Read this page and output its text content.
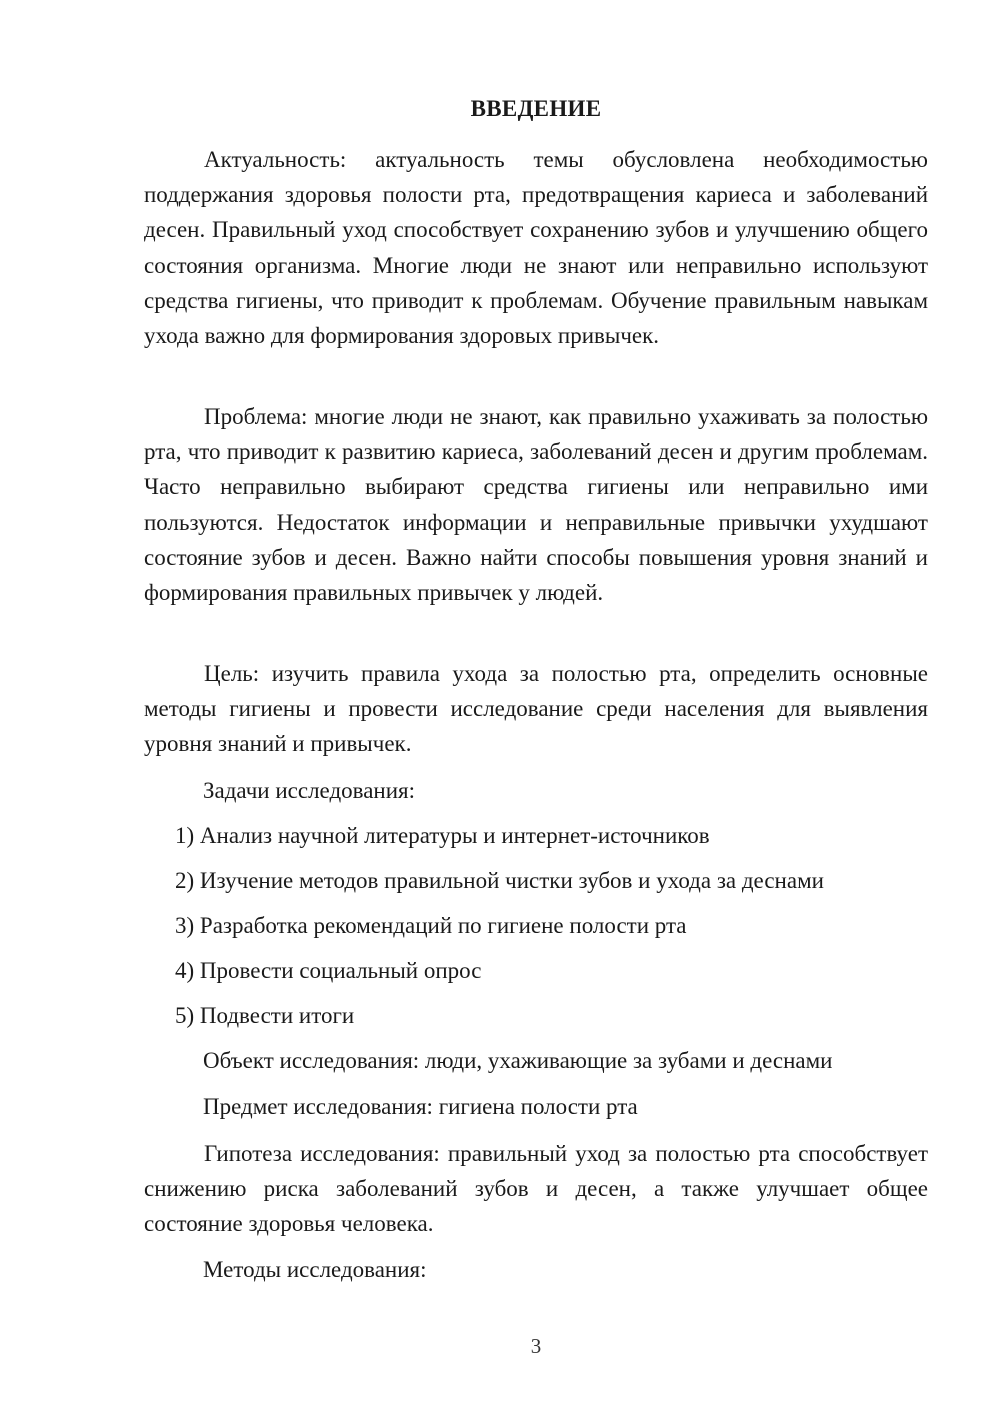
ВВЕДЕНИЕ

Актуальность: актуальность темы обусловлена необходимостью поддержания здоровья полости рта, предотвращения кариеса и заболеваний десен. Правильный уход способствует сохранению зубов и улучшению общего состояния организма. Многие люди не знают или неправильно используют средства гигиены, что приводит к проблемам. Обучение правильным навыкам ухода важно для формирования здоровых привычек.

Проблема: многие люди не знают, как правильно ухаживать за полостью рта, что приводит к развитию кариеса, заболеваний десен и другим проблемам. Часто неправильно выбирают средства гигиены или неправильно ими пользуются. Недостаток информации и неправильные привычки ухудшают состояние зубов и десен. Важно найти способы повышения уровня знаний и формирования правильных привычек у людей.

Цель: изучить правила ухода за полостью рта, определить основные методы гигиены и провести исследование среди населения для выявления уровня знаний и привычек.

Задачи исследования:
1) Анализ научной литературы и интернет-источников
2) Изучение методов правильной чистки зубов и ухода за деснами
3) Разработка рекомендаций по гигиене полости рта
4) Провести социальный опрос
5) Подвести итоги
Объект исследования: люди, ухаживающие за зубами и деснами
Предмет исследования: гигиена полости рта

Гипотеза исследования: правильный уход за полостью рта способствует снижению риска заболеваний зубов и десен, а также улучшает общее состояние здоровья человека.

Методы исследования:
3
